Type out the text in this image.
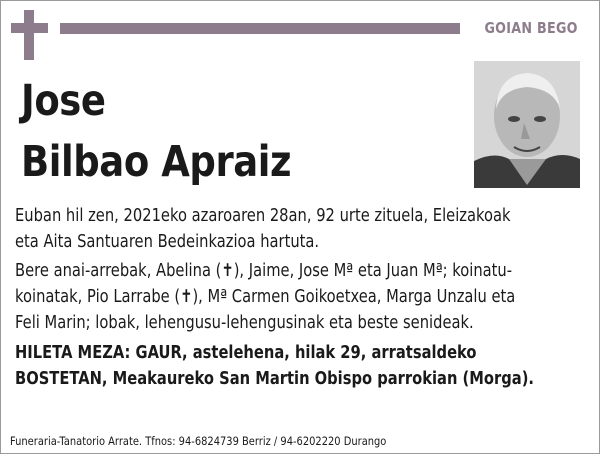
GOIAN BEGO
Jose
Bilbao Apraiz
Euban hil zen, 2021eko azaroaren 28an, 92 urte zituela, Eleizakoak
eta Aita Santuaren Bedeinkazioa hartuta.
Bere anai-arrebak, Abelina (✝), Jaime, Jose Mª eta Juan Mª; koinatu-
koinatak, Pio Larrabe (✝), Mª Carmen Goikoetxea, Marga Unzalu eta
Feli Marin; lobak, lehengusu-lehengusinak eta beste senideak.
HILETA MEZA: GAUR, astelehena, hilak 29, arratsaldeko
BOSTETAN, Meakaureko San Martin Obispo parrokian (Morga).
Funeraria-Tanatorio Arrate. Tfnos: 94-6824739 Berriz / 94-6202220 Durango
